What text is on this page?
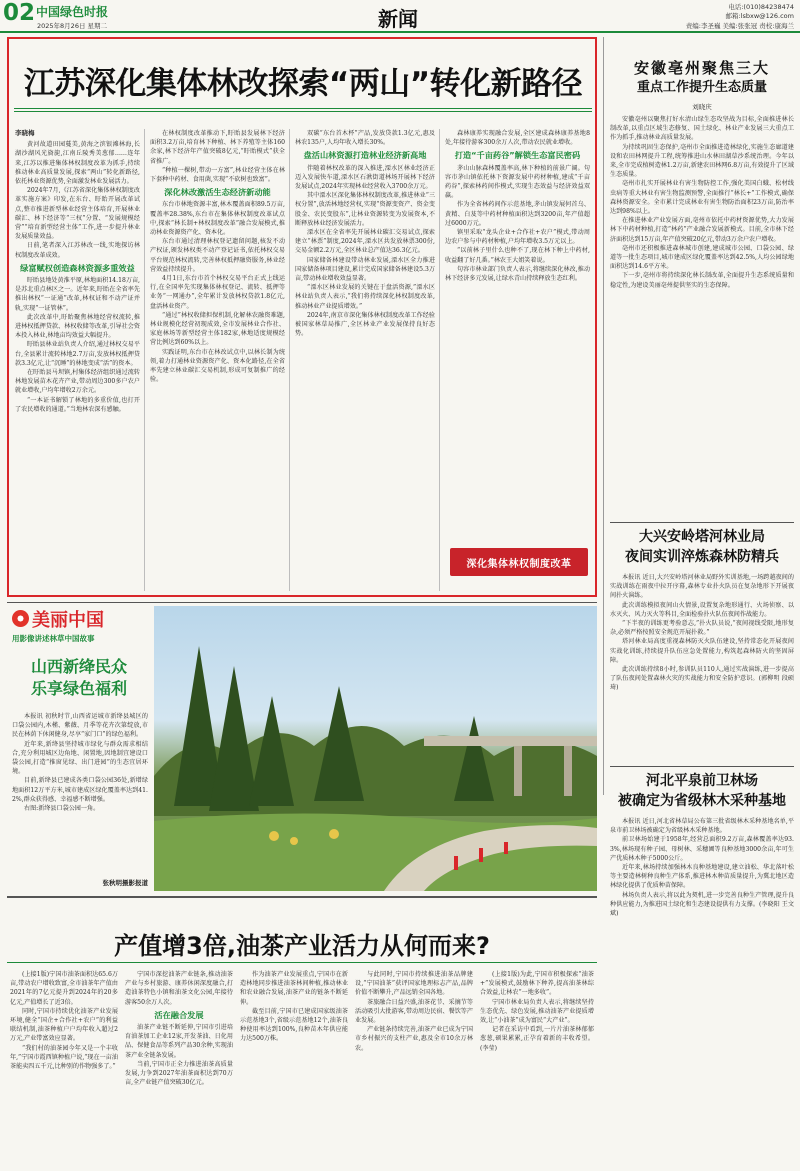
02 中国绿色时报
2025年8月26日 星期二	新闻	电话:(010)84238474
邮箱:lsbxw@126.com
责编:李圣巍 美编:张张冠 责校:康海兰
江苏深化集体林改探索“两山”转化新路径
李晓梅

黄河故道田园蔓美,黄海之滨银滩林海,长湖沙湖风光旖旎,江南丘陵秀美葱郁……连年来,江苏以推进集体林权制度改革为抓手,持续推动林业高质量发展,探索“两山”转化新路径,依托林业资源优势,全面激发林业发展活力。

2024年7月,《江苏省深化集体林权制度改革实施方案》印发,在东台、盱眙开展改革试点,整市推进新型林业经营主体培育,开展林业碳汇、林下经济等“三权”分置、“发展规模经营”“培育新型经营主体”工作,进一步提升林业发展质量效益。

日前,笔者深入江苏林改一线,实地探访林权制度改革成效。

绿富赋权创造森林资源多重效益

盱眙县地处黄淮平原,林地面积14.18万亩,是苏北重点林区之一。近年来,盱眙在全省率先推出林权“一证通”改革,林权证和不动产证并轨,实现“一证管林”。

此次改革中,盱眙聚焦林地经营权流转,推进林权抵押贷款、林权收储等改革,引导社会资本投入林业,林地亩均效益大幅提升。

盱眙县林业站负责人介绍,通过林权交易平台,全县累计流转林地2.7万亩,发放林权抵押贷款3.3亿元,让“沉睡”的林地变成“活”的资本。

在盱眙县马坝镇,村集体经济组织通过流转林地发展苗木花卉产业,带动周边300多户农户就业增收,户均年增收2万余元。

“一本证书解锁了林地的多重价值,也打开了农民增收的通道。”当地林农深有感触。

在林权制度改革推动下,盱眙县发展林下经济面积3.2万亩,培育林下种植、林下养殖等主体160余家,林下经济年产值突破8亿元,“盱眙模式”获全省推广。

“种植一棵树,带动一方富”,林业经营主体在林下套种中药材、食用菌,实现“不砍树也致富”。

深化林改激活生态经济新动能

东台市林地资源丰富,林木覆盖面积89.5万亩,覆盖率28.38%,东台市在集体林权制度改革试点中,探索“林长制+林权制度改革”融合发展模式,推动林业资源资产化、资本化。

东台市通过清理林权登记遗留问题,核发不动产权证,颁发林权类不动产登记证书,依托林权交易平台规范林权流转,完善林权抵押融资服务,林业经营效益持续提升。

4月1日,东台市首个林权交易平台正式上线运行,在全国率先实现集体林权登记、流转、抵押等业务“一网通办”,全年累计发放林权贷款1.8亿元,盘活林业资产。

“通过”林权收储担保机制,化解林农融资难题,林业规模化经营初现成效,全市发展林业合作社、家庭林场等新型经营主体182家,林地适度规模经营比例达到60%以上。

实践证明,东台市在林改试点中,以林长制为统领,着力打通林业资源资产化、资本化路径,在全省率先建立林业碳汇交易机制,形成可复制推广的经验。

双碳“东台首木杯”产品,发放贷款1.3亿元,惠及林农135户,人均年收入增长30%。

盘活山林资源打造林业经济新高地

伴随着林权改革的深入推进,溧水区林业经济正迈入发展快车道,溧水区石湫街道林场开展林下经济发展试点,2024年实现林业经营收入3700余万元。

其中溧水区深化集体林权制度改革,推进林业“三权分置”,放活林地经营权,实现“资源变资产、资金变股金、农民变股东”,让林业资源转变为发展资本,不断释放林业经济发展活力。

溧水区在全省率先开展林业碳汇交易试点,探索建立“林票”制度,2024年,溧水区共发放林票300份,交易金额2.2万元,全区林业总产值达36.3亿元。

国家储备林建设带动林业发展,溧水区全力推进国家储备林项目建设,累计完成国家储备林建设5.3万亩,带动林业增收效益显著。

“溧水区林业发展的关键在于盘活资源,”溧水区林业站负责人表示,“我们将持续深化林权制度改革,推动林业产业提质增效。”

2024年,南京市深化集体林权制度改革工作经验被国家林草局推广,全区林业产业发展保持良好态势。

森林康养实现融合发展,全区建成森林康养基地8处,年接待游客300余万人次,带动农民就业增收。

打造“千亩药谷”解锁生态富民密码

茅山山脉森林覆盖率高,林下种植的前景广阔。句容市茅山镇依托林下资源发展中药材种植,建成“千亩药谷”,探索林药间作模式,实现生态效益与经济效益双赢。

作为全省林药间作示范基地,茅山镇发展何首乌、黄精、白芨等中药材种植面积达到3200亩,年产值超过6000万元。

镇里采取“龙头企业+合作社+农户”模式,带动周边农户参与中药材种植,户均年增收3.5万元以上。

“以前林子里什么也种不了,现在林下种上中药材,收益翻了好几番。”林农王大姐笑着说。

句容市林业部门负责人表示,将继续深化林改,推动林下经济多元发展,让绿水青山持续释放生态红利。

深化集体林权制度改革
安徽亳州聚焦三大
重点工作提升生态质量
刘晓庆

安徽亳州以聚焦打好水清山绿生态攻坚战为目标,全面推进林长制改革,以重点区域生态修复、国土绿化、林业产业发展三大重点工作为抓手,推动林业高质量发展。

为持续巩固生态保护,亳州市全面推进造林绿化,实施生态廊道建设和农田林网提升工程,统筹推进山水林田湖草沙系统治理。今年以来,全市完成植树造林1.2万亩,新建农田林网6.8万亩,有效提升了区域生态质量。

亳州市扎实开展林业有害生物防控工作,强化美国白蛾、松材线虫病等重大林业有害生物监测预警,全面推行“林长+”工作模式,确保森林资源安全。全市累计完成林业有害生物防治面积23万亩,防治率达到98%以上。

在推进林业产业发展方面,亳州市依托中药材资源优势,大力发展林下中药材种植,打造“林药”产业融合发展新模式。目前,全市林下经济面积达到15万亩,年产值突破20亿元,带动3万余户农户增收。

亳州市还积极推进森林城市创建,建成城市公园、口袋公园、绿道等一批生态项目,城市建成区绿化覆盖率达到42.5%,人均公园绿地面积达到14.6平方米。

下一步,亳州市将持续深化林长制改革,全面提升生态系统质量和稳定性,为建设美丽亳州提供坚实的生态保障。

大兴安岭塔河林业局
夜间实训淬炼森林防精兵

本报讯 近日,大兴安岭塔河林业局野外实训基地,一场跨越夜间的实战训练在雨夜中拉开序幕,森林专业扑火队员在复杂地形下开展夜间扑火演练。

此次训练模拟夜间山火情景,设置复杂地形通行、火场侦察、以水灭火、风力灭火等科目,全面检验扑火队伍夜间作战能力。

“下半夜的训练更考验意志,”扑火队员说,“夜间视线受限,地形复杂,必须严格按照安全规范开展扑救。”

塔河林业局高度重视森林防灭火队伍建设,坚持常态化开展夜间实战化训练,持续提升队伍应急处置能力,构筑起森林防火的坚固屏障。

此次训练持续8小时,参训队员110人,通过实战演练,进一步提高了队伍夜间处置森林火灾的实战能力和安全防护意识。(郭柳明 段硕琦)

河北平泉前卫林场
被确定为省级林木采种基地

本报讯 近日,河北省林草局公布第三批省级林木采种基地名单,平泉市前卫林场被确定为省级林木采种基地。

前卫林场始建于1958年,经营总面积9.2万亩,森林覆盖率达93.3%,林场现有种子园、母树林、采穗圃等良种基地3000余亩,年可生产优质林木种子5000公斤。

近年来,林场持续加强林木良种基地建设,建立油松、华北落叶松等主要造林树种良种生产体系,推进林木种苗质量提升,为冀北地区造林绿化提供了优质种苗保障。

林场负责人表示,将以此为契机,进一步完善良种生产管理,提升良种供应能力,为推进国土绿化和生态建设提供有力支撑。(李晓阳 王文斌)

美丽中国
用影像讲述林草中国故事
山西新绛民众
乐享绿色福利

本报讯 初秋时节,山西省运城市新绛县城区的口袋公园内,木槿、紫薇、月季等花卉次第绽放,市民在林荫下休闲健身,尽享“家门口”的绿色福利。

近年来,新绛县坚持城市绿化与群众需求相结合,充分利用城区边角地、闲置地,因地制宜建设口袋公园,打造“推窗见绿、出门进园”的生态宜居环境。

目前,新绛县已建成各类口袋公园36处,新增绿地面积12万平方米,城市建成区绿化覆盖率达到41.2%,群众获得感、幸福感不断增强。

右图:新绛县口袋公园一角。

张秋明摄影报道
产值增3倍,油茶产业活力从何而来?

(上接1版)宁国市油茶面积达65.6万亩,带动农户增收致富,全市油茶年产值由2021年的7亿元提升到2024年的20多亿元,产值增长了近3倍。

同时,宁国市持续优化油茶产业发展环境,健全“国企+合作社+农户”的利益联结机制,油茶种植户户均年收入超过2万元,产业带富效应显著。

“我们村的油茶园今年又是一个丰收年,”宁国市霞西镇种植户说,“现在一亩油茶能卖四五千元,比种别的作物强多了。”

宁国市深挖油茶产业链条,推动油茶产业与乡村旅游、康养休闲深度融合,打造油茶特色小镇和油茶文化公园,年接待游客50余万人次。

活在融合发展

油茶产业链不断延伸,宁国市引进培育油茶加工企业12家,开发茶油、日化用品、保健食品等系列产品30余种,实现油茶产业全链条发展。

当前,宁国市正全力推进油茶高质量发展,力争到2027年油茶面积达到70万亩,全产业链产值突破30亿元。

作为油茶产业发展重点,宁国市在新造林地同步推进油茶林间种植,推动林业和农业融合发展,油茶产业的链条不断延伸。

截至目前,宁国市已建成国家级油茶示范基地3个,省级示范基地12个,油茶良种使用率达到100%,良种苗木年供应能力达500万株。

与此同时,宁国市持续推进油茶品牌建设,“宁国油茶”获评国家地理标志产品,品牌价值不断攀升,产品远销全国各地。

茶旅融合日益兴盛,油茶花节、采摘节等活动吸引大批游客,带动周边民宿、餐饮等产业发展。

产业链条持续完善,油茶产业已成为宁国市乡村振兴的支柱产业,惠及全市10余万林农。

(上接1版)为此,宁国市积极探索“油茶+”发展模式,鼓励林下种养,提高油茶林综合效益,让林农“一地多收”。

宁国市林业局负责人表示,将继续坚持生态优先、绿色发展,推动油茶产业提质增效,让“小油茶”成为富民“大产业”。

记者在采访中看到,一片片油茶林郁郁葱葱,硕果累累,正孕育着新的丰收希望。(李莹)
